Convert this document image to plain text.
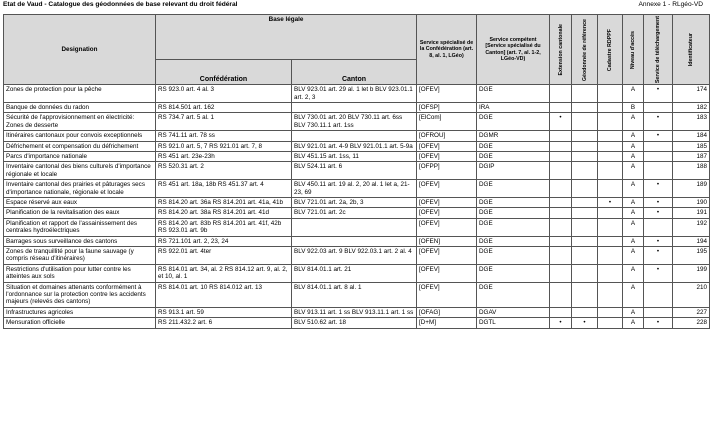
Etat de Vaud - Catalogue des géodonnées de base relevant du droit fédéral	Annexe 1 - RLgéo-VD
Designation	Base légale		Service spécialisé de la Confédération (art. 8, al. 1, LGéo)	Service compétent [Service spécialisé du Canton] (art. 7, al. 1-2, LGéo-VD)	Extension cantonale	Géodonnée de référence	Cadastre RDPPF	Niveau d'accès	Service de téléchargement	Identificateur

	Confédération	Canton								
Zones de protection pour la pêche	RS 923.0 art. 4 al. 3	BLV 923.01 art. 29 al. 1 let b BLV 923.01.1 art. 2, 3	[OFEV]	DGE				A	•	174
Banque de données du radon	RS 814.501 art. 162		[OFSP]	IRA				B		182
Sécurité de l'approvisionnement en électricité: Zones de desserte	RS 734.7 art. 5 al. 1	BLV 730.01 art. 20 BLV 730.11 art. 6ss BLV 730.11.1 art. 1ss	[ElCom]	DGE	•			A	•	183
Itinéraires cantonaux pour convois exceptionnels	RS 741.11 art. 78 ss		[OFROU]	DGMR				A	•	184
Défrichement et compensation du défrichement	RS 921.0 art. 5, 7 RS 921.01 art. 7, 8	BLV 921.01 art. 4-9 BLV 921.01.1 art. 5-9a	[OFEV]	DGE				A		185
Parcs d'importance nationale	RS 451 art. 23e-23h	BLV 451.15 art. 1ss, 11	[OFEV]	DGE				A		187
Inventaire cantonal des biens culturels d'importance régionale et locale	RS 520.31 art. 2	BLV 524.11 art. 6	[OFPP]	DGIP				A		188
Inventaire cantonal des prairies et pâturages secs d'importance nationale, régionale et locale	RS 451 art. 18a, 18b RS 451.37 art. 4	BLV 450.11 art. 19 al. 2, 20 al. 1 let a, 21-23, 69	[OFEV]	DGE				A	•	189
Espace réservé aux eaux	RS 814.20 art. 36a RS 814.201 art. 41a, 41b	BLV 721.01 art. 2a, 2b, 3	[OFEV]	DGE			•	A	•	190
Planification de la revitalisation des eaux	RS 814.20 art. 38a RS 814.201 art. 41d	BLV 721.01 art. 2c	[OFEV]	DGE				A	•	191
Planification et rapport de l'assainissement des centrales hydroélectriques	RS 814.20 art. 83b RS 814.201 art. 41f, 42b RS 923.01 art. 9b		[OFEV]	DGE				A		192
Barrages sous surveillance des cantons	RS 721.101 art. 2, 23, 24		[OFEN]	DGE				A	•	194
Zones de tranquillité pour la faune sauvage (y compris réseau d'itinéraires)	RS 922.01 art. 4ter	BLV 922.03 art. 9 BLV 922.03.1 art. 2 al. 4	[OFEV]	DGE				A	•	195
Restrictions d'utilisation pour lutter contre les atteintes aux sols	RS 814.01 art. 34, al. 2 RS 814.12 art. 9, al. 2, et 10, al. 1	BLV 814.01.1 art. 21	[OFEV]	DGE				A	•	199
Situation et domaines attenants conformément à l'ordonnance sur la protection contre les accidents majeurs (relevés des cantons)	RS 814.01 art. 10 RS 814.012 art. 13	BLV 814.01.1 art. 8 al. 1	[OFEV]	DGE				A		210
Infrastructures agricoles	RS 913.1 art. 59	BLV 913.11 art. 1 ss BLV 913.11.1 art. 1 ss	[OFAG]	DGAV				A		227
Mensuration officielle	RS 211.432.2 art. 6	BLV 510.62 art. 18	[D+M]	DGTL	•	•		A	•	228
